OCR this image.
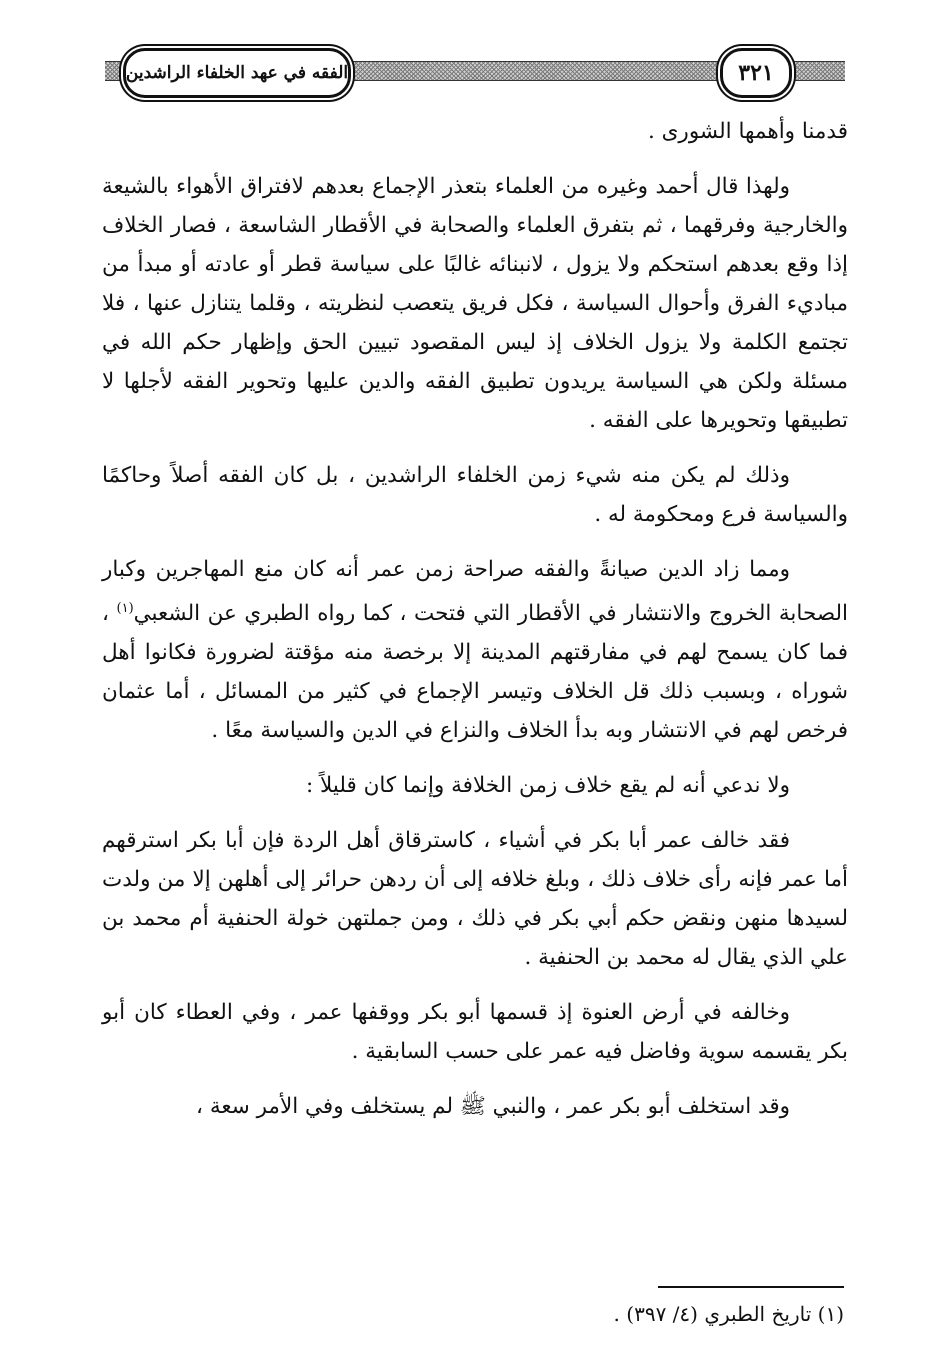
٣٢١
الفقه في عهد الخلفاء الراشدين

قدمنا وأهمها الشورى .

ولهذا قال أحمد وغيره من العلماء بتعذر الإجماع بعدهم لافتراق الأهواء بالشيعة والخارجية وفرقهما ، ثم بتفرق العلماء والصحابة في الأقطار الشاسعة ، فصار الخلاف إذا وقع بعدهم استحكم ولا يزول ، لانبنائه غالبًا على سياسة قطر أو عادته أو مبدأ من مباديء الفرق وأحوال السياسة ، فكل فريق يتعصب لنظريته ، وقلما يتنازل عنها ، فلا تجتمع الكلمة ولا يزول الخلاف إذ ليس المقصود تبيين الحق وإظهار حكم الله في مسئلة ولكن هي السياسة يريدون تطبيق الفقه والدين عليها وتحوير الفقه لأجلها لا تطبيقها وتحويرها على الفقه .

وذلك لم يكن منه شيء زمن الخلفاء الراشدين ، بل كان الفقه أصلاً وحاكمًا والسياسة فرع ومحكومة له .

ومما زاد الدين صيانةً والفقه صراحة زمن عمر أنه كان منع المهاجرين وكبار الصحابة الخروج والانتشار في الأقطار التي فتحت ، كما رواه الطبري عن الشعبي$^{(١)}$ ، فما كان يسمح لهم في مفارقتهم المدينة إلا برخصة منه مؤقتة لضرورة فكانوا أهل شوراه ، وبسبب ذلك قل الخلاف وتيسر الإجماع في كثير من المسائل ، أما عثمان فرخص لهم في الانتشار وبه بدأ الخلاف والنزاع في الدين والسياسة معًا .

ولا ندعي أنه لم يقع خلاف زمن الخلافة وإنما كان قليلاً :

فقد خالف عمر أبا بكر في أشياء ، كاسترقاق أهل الردة فإن أبا بكر استرقهم أما عمر فإنه رأى خلاف ذلك ، وبلغ خلافه إلى أن ردهن حرائر إلى أهلهن إلا من ولدت لسيدها منهن ونقض حكم أبي بكر في ذلك ، ومن جملتهن خولة الحنفية أم محمد بن علي الذي يقال له محمد بن الحنفية .

وخالفه في أرض العنوة إذ قسمها أبو بكر ووقفها عمر ، وفي العطاء كان أبو بكر يقسمه سوية وفاضل فيه عمر على حسب السابقية .

وقد استخلف أبو بكر عمر ، والنبي ﷺ لم يستخلف وفي الأمر سعة ،

(١) تاريخ الطبري (٤/ ٣٩٧) .
